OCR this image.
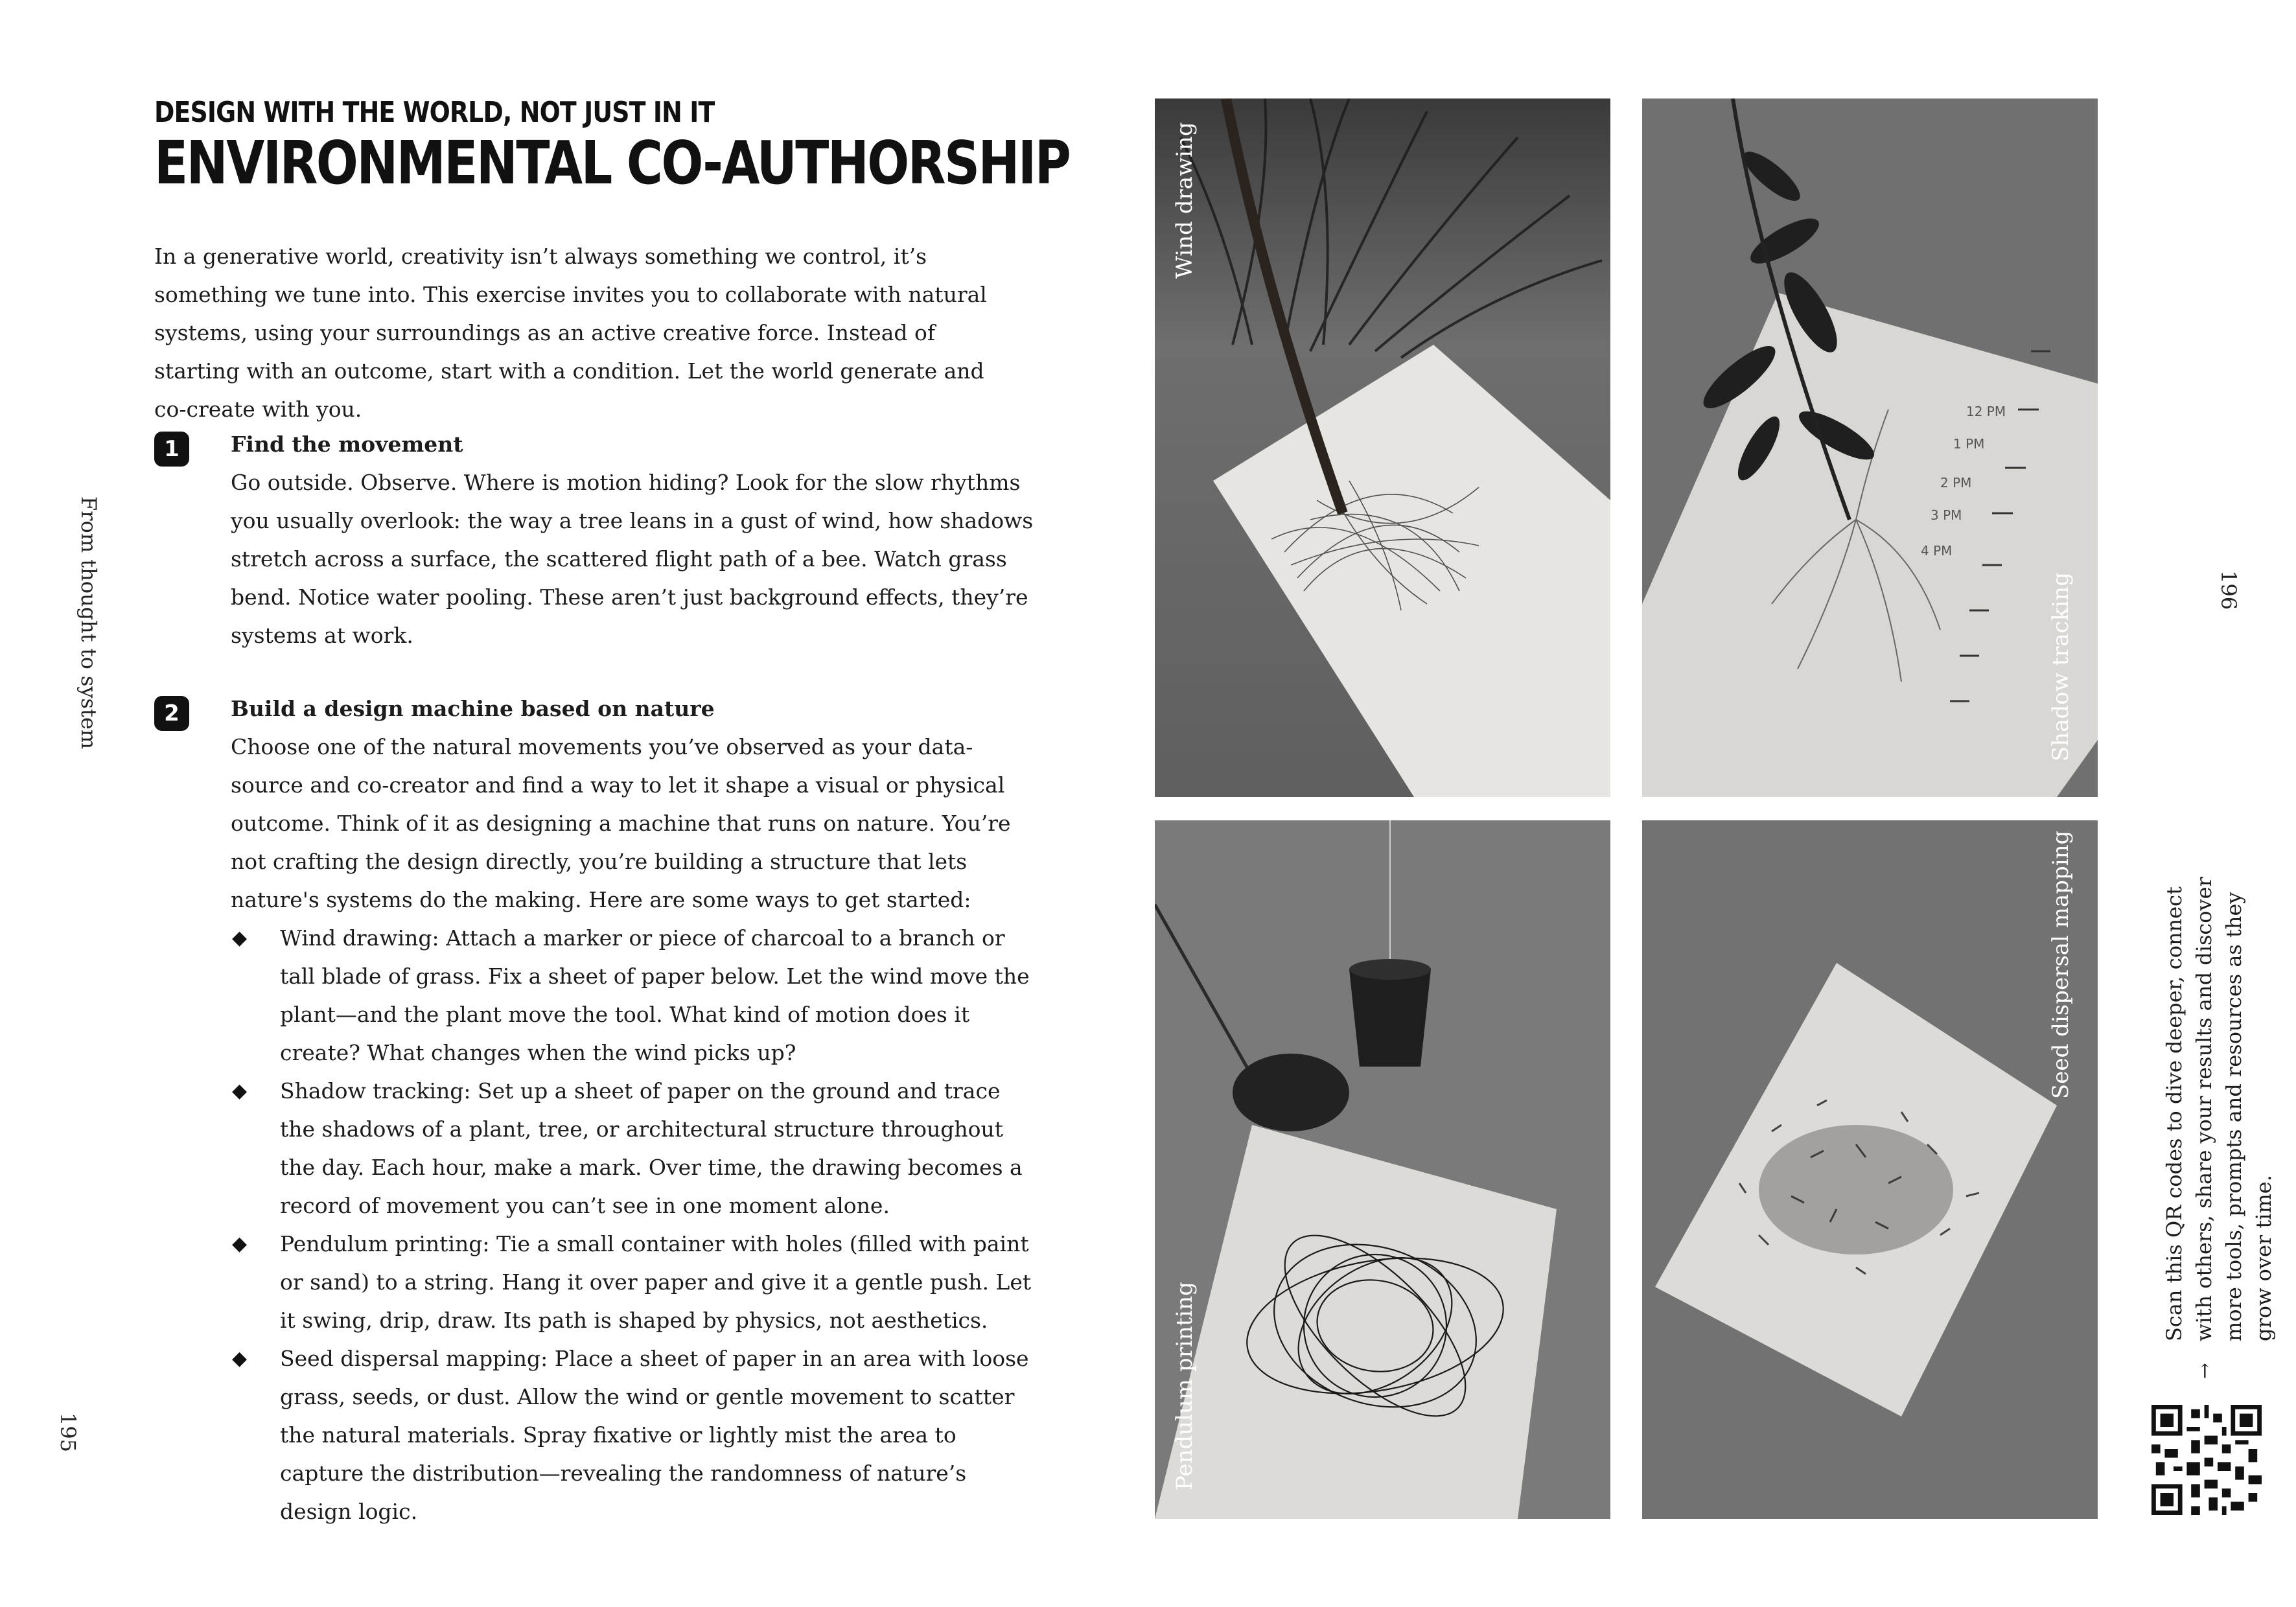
DESIGN WITH THE WORLD, NOT JUST IN IT
ENVIRONMENTAL CO-AUTHORSHIP

In a generative world, creativity isn’t always something we control, it’s something we tune into. This exercise invites you to collaborate with natural systems, using your surroundings as an active creative force. Instead of starting with an outcome, start with a condition. Let the world generate and co-create with you.

1	Find the movement
Go outside. Observe. Where is motion hiding? Look for the slow rhythms you usually overlook: the way a tree leans in a gust of wind, how shadows stretch across a surface, the scattered flight path of a bee. Watch grass bend. Notice water pooling. These aren’t just background effects, they’re systems at work.
2	Build a design machine based on nature
Choose one of the natural movements you’ve observed as your data-source and co-creator and find a way to let it shape a visual or physical outcome. Think of it as designing a machine that runs on nature. You’re not crafting the design directly, you’re building a structure that lets nature's systems do the making. Here are some ways to get started:
◆ Wind drawing: Attach a marker or piece of charcoal to a branch or tall blade of grass. Fix a sheet of paper below. Let the wind move the plant—and the plant move the tool. What kind of motion does it create? What changes when the wind picks up?
◆ Shadow tracking: Set up a sheet of paper on the ground and trace the shadows of a plant, tree, or architectural structure throughout the day. Each hour, make a mark. Over time, the drawing becomes a record of movement you can’t see in one moment alone.
◆ Pendulum printing: Tie a small container with holes (filled with paint or sand) to a string. Hang it over paper and give it a gentle push. Let it swing, drip, draw. Its path is shaped by physics, not aesthetics.
◆ Seed dispersal mapping: Place a sheet of paper in an area with loose grass, seeds, or dust. Allow the wind or gentle movement to scatter the natural materials. Spray fixative or lightly mist the area to capture the distribution—revealing the randomness of nature’s design logic.
From thought to system
195
Wind drawing
12 PM
1 PM
2 PM
3 PM
4 PM
Shadow tracking
Pendulum printing
Seed dispersal mapping
196
Scan this QR codes to dive deeper, connect with others, share your results and discover more tools, prompts and resources as they grow over time.
→
